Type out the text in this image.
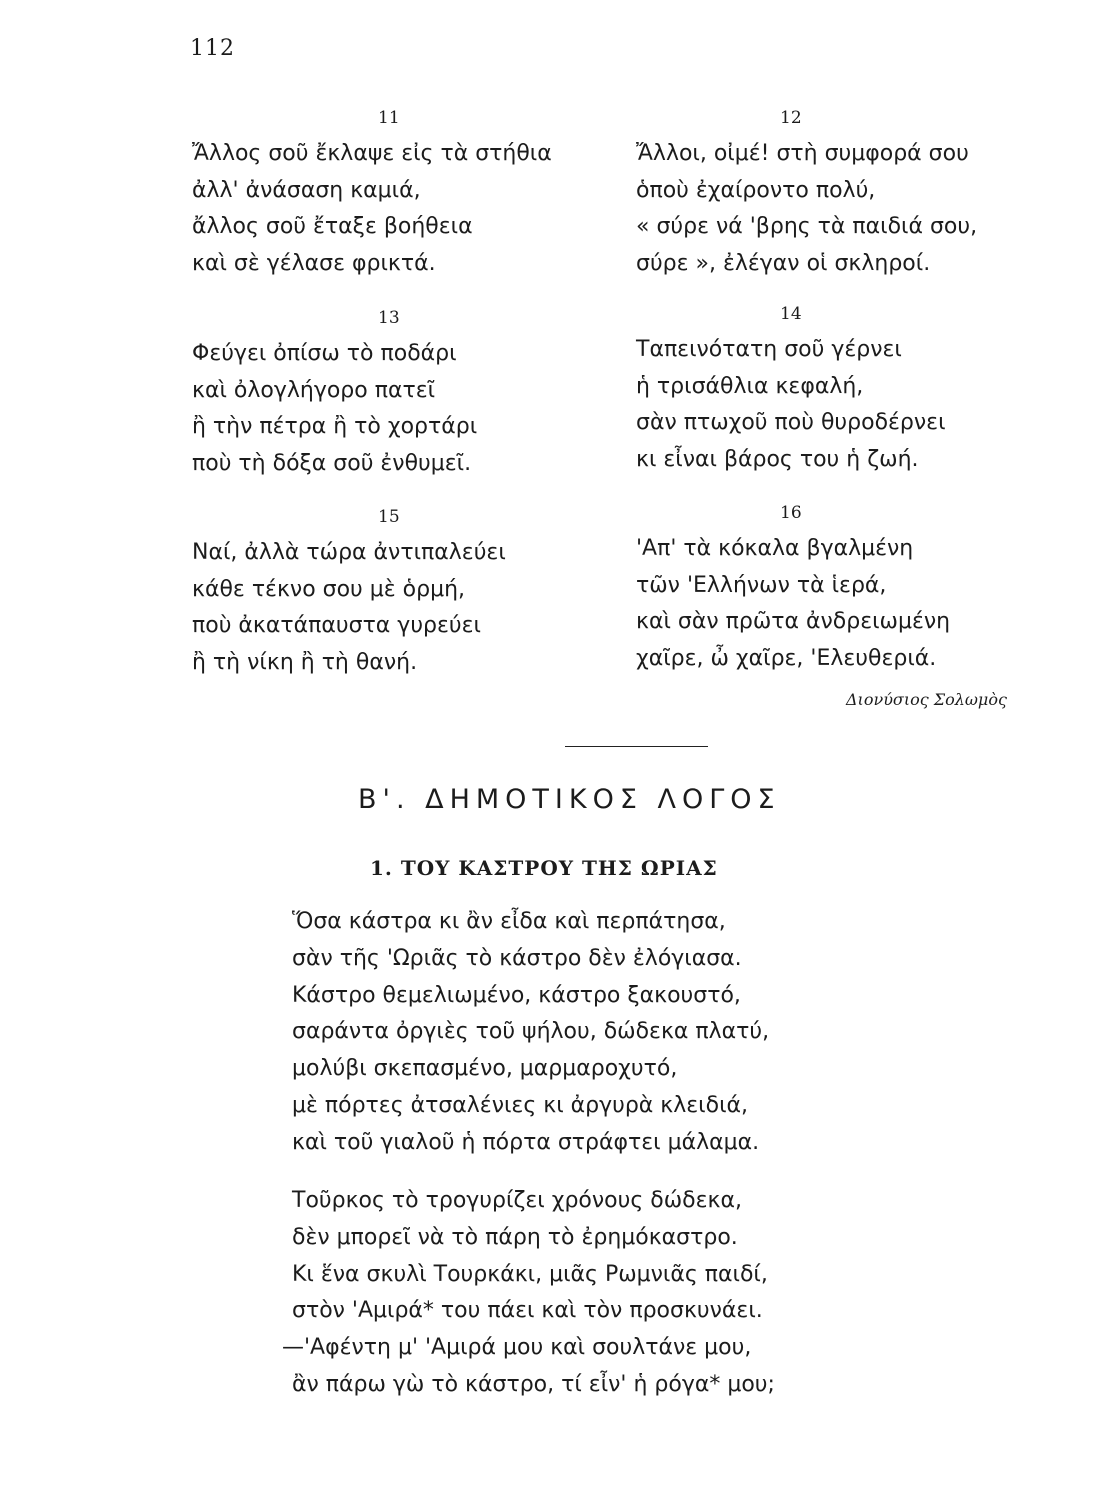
112
11
Ἄλλος σοῦ ἔκλαψε εἰς τὰ στήθια
ἀλλ' ἀνάσαση καμιά,
ἄλλος σοῦ ἔταξε βοήθεια
καὶ σὲ γέλασε φρικτά.
12
Ἄλλοι, οἰμέ! στὴ συμφορά σου
ὁποὺ ἐχαίροντο πολύ,
« σύρε νά 'βρης τὰ παιδιά σου,
σύρε », ἐλέγαν οἱ σκληροί.
13
Φεύγει ὀπίσω τὸ ποδάρι
καὶ ὀλογλήγορο πατεῖ
ἢ τὴν πέτρα ἢ τὸ χορτάρι
ποὺ τὴ δόξα σοῦ ἐνθυμεῖ.
14
Ταπεινότατη σοῦ γέρνει
ἡ τρισάθλια κεφαλή,
σὰν πτωχοῦ ποὺ θυροδέρνει
κι εἶναι βάρος του ἡ ζωή.
15
Ναί, ἀλλὰ τώρα ἀντιπαλεύει
κάθε τέκνο σου μὲ ὁρμή,
ποὺ ἀκατάπαυστα γυρεύει
ἢ τὴ νίκη ἢ τὴ θανή.
16
'Απ' τὰ κόκαλα βγαλμένη
τῶν 'Ελλήνων τὰ ἱερά,
καὶ σὰν πρῶτα ἀνδρειωμένη
χαῖρε, ὦ χαῖρε, 'Ελευθεριά.
Διονύσιος Σολωμὸς
Β'. ΔΗΜΟΤΙΚΟΣ ΛΟΓΟΣ
1. ΤΟΥ ΚΑΣΤΡΟΥ ΤΗΣ ΩΡΙΑΣ
Ὅσα κάστρα κι ἂν εἶδα καὶ περπάτησα,
σὰν τῆς 'Ωριᾶς τὸ κάστρο δὲν ἐλόγιασα.
Κάστρο θεμελιωμένο, κάστρο ξακουστό,
σαράντα ὀργιὲς τοῦ ψήλου, δώδεκα πλατύ,
μολύβι σκεπασμένο, μαρμαροχυτό,
μὲ πόρτες ἀτσαλένιες κι ἀργυρὰ κλειδιά,
καὶ τοῦ γιαλοῦ ἡ πόρτα στράφτει μάλαμα.
Τοῦρκος τὸ τρογυρίζει χρόνους δώδεκα,
δὲν μπορεῖ νὰ τὸ πάρη τὸ ἐρημόκαστρο.
Κι ἕνα σκυλὶ Τουρκάκι, μιᾶς Ρωμνιᾶς παιδί,
στὸν 'Αμιρά* του πάει καὶ τὸν προσκυνάει.
—'Αφέντη μ' 'Αμιρά μου καὶ σουλτάνε μου,
ἂν πάρω γὼ τὸ κάστρο, τί εἶν' ἡ ρόγα* μου;
